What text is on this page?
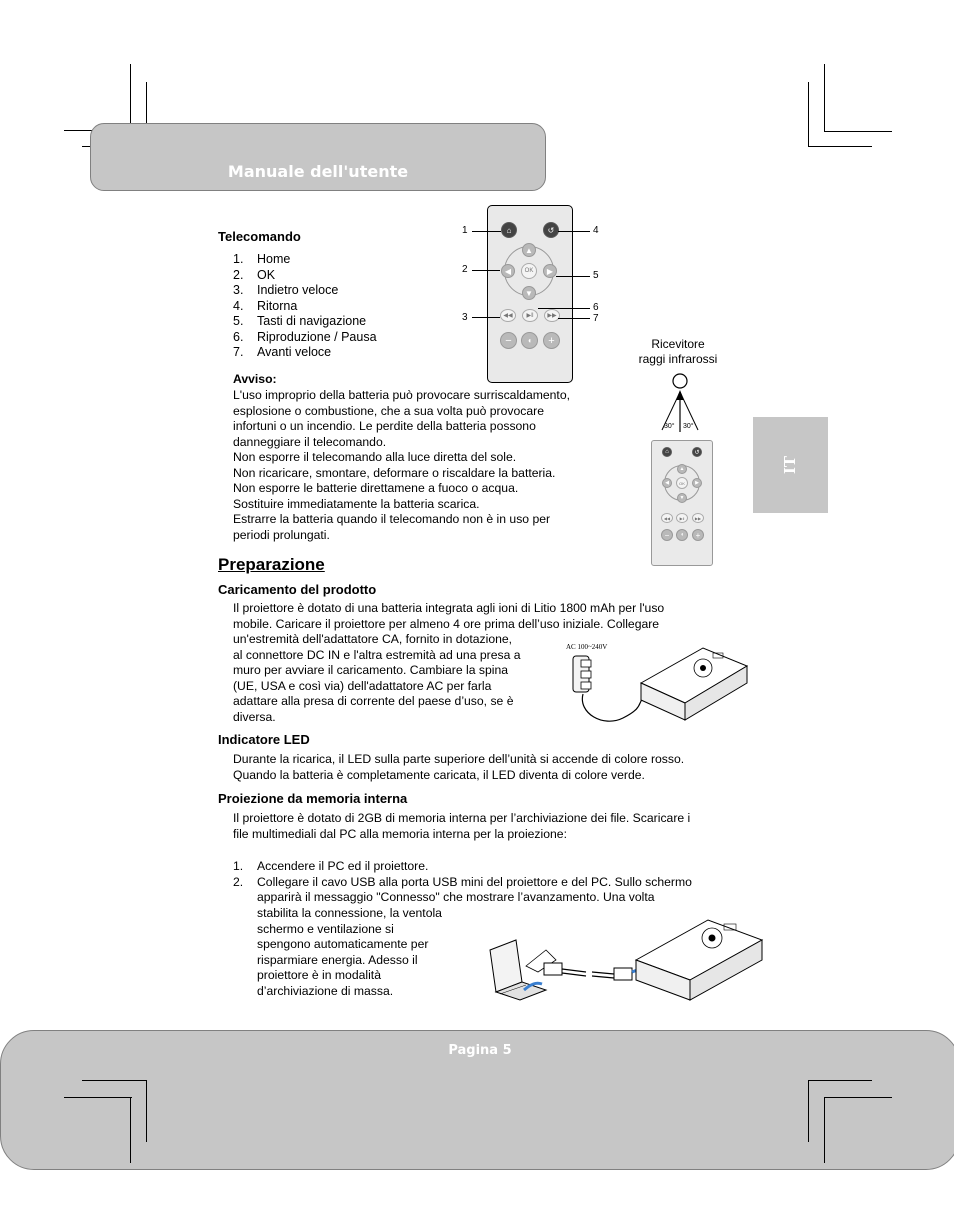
Manuale dell'utente
IT
Telecomando
1. Home
2. OK
3. Indietro veloce
4. Ritorna
5. Tasti di navigazione
6. Riproduzione / Pausa
7. Avanti veloce
⌂	↺
▲
◀	OK	▶
▼
◀◀	▶ǁ	▶▶
−	◖	+
1
2
3
4
5
6
7
Ricevitore
raggi infrarossi
30° 30°
⌂	↺
▲
◀	OK	▶
▼
◀◀	▶ǁ	▶▶
−	◖	+
Avviso:
L'uso improprio della batteria può provocare surriscaldamento,
esplosione o combustione, che a sua volta può provocare
infortuni o un incendio. Le perdite della batteria possono
danneggiare il telecomando.
Non esporre il telecomando alla luce diretta del sole.
Non ricaricare, smontare, deformare o riscaldare la batteria.
Non esporre le batterie direttamene a fuoco o acqua.
Sostituire immediatamente la batteria scarica.
Estrarre la batteria quando il telecomando non è in uso per
periodi prolungati.
Preparazione
Caricamento del prodotto
Il proiettore è dotato di una batteria integrata agli ioni di Litio 1800 mAh per l'uso
mobile. Caricare il proiettore per almeno 4 ore prima dell’uso iniziale. Collegare
un'estremità dell'adattatore CA, fornito in dotazione,
al connettore DC IN e l'altra estremità ad una presa a
muro per avviare il caricamento. Cambiare la spina
(UE, USA e così via) dell'adattatore AC per farla
adattare alla presa di corrente del paese d’uso, se è
diversa.
AC 100~240V
Indicatore LED
Durante la ricarica, il LED sulla parte superiore dell’unità si accende di colore rosso.
Quando la batteria è completamente caricata, il LED diventa di colore verde.
Proiezione da memoria interna
Il proiettore è dotato di 2GB di memoria interna per l’archiviazione dei file. Scaricare i
file multimediali dal PC alla memoria interna per la proiezione:
1. Accendere il PC ed il proiettore.
2. Collegare il cavo USB alla porta USB mini del proiettore e del PC. Sullo schermo
apparirà il messaggio "Connesso" che mostrare l’avanzamento. Una volta
stabilita la connessione, la ventola
schermo e ventilazione si
spengono automaticamente per
risparmiare energia. Adesso il
proiettore è in modalità
d’archiviazione di massa.
Pagina 5
